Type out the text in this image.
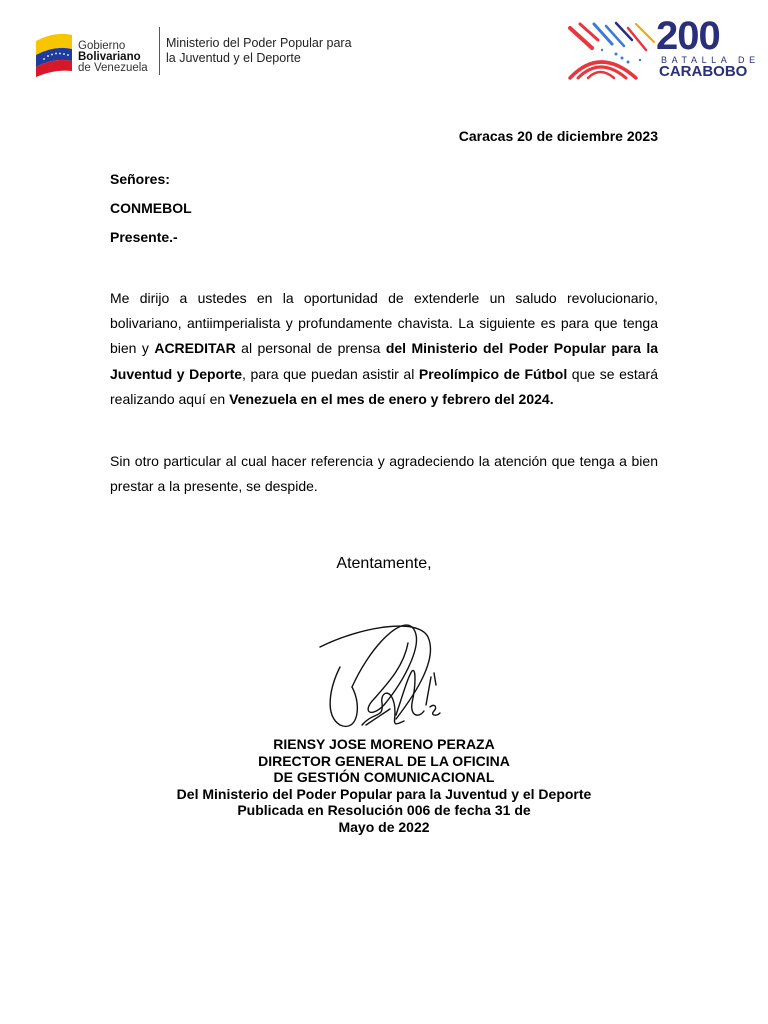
Gobierno
Bolivariano
de Venezuela
Ministerio del Poder Popular para
la Juventud y el Deporte	200
BATALLA DE
CARABOBO
Caracas 20 de diciembre 2023
Señores:
CONMEBOL
Presente.-
Me dirijo a ustedes en la oportunidad de extenderle un saludo revolucionario, bolivariano, antiimperialista y profundamente chavista. La siguiente es para que tenga bien y ACREDITAR al personal de prensa del Ministerio del Poder Popular para la Juventud y Deporte, para que puedan asistir al Preolímpico de Fútbol que se estará realizando aquí en Venezuela en el mes de enero y febrero del 2024.
Sin otro particular al cual hacer referencia y agradeciendo la atención que tenga a bien prestar a la presente, se despide.
Atentamente,
RIENSY JOSE MORENO PERAZA
DIRECTOR GENERAL DE LA OFICINA
DE GESTIÓN COMUNICACIONAL
Del Ministerio del Poder Popular para la Juventud y el Deporte
Publicada en Resolución 006 de fecha 31 de
Mayo de 2022
